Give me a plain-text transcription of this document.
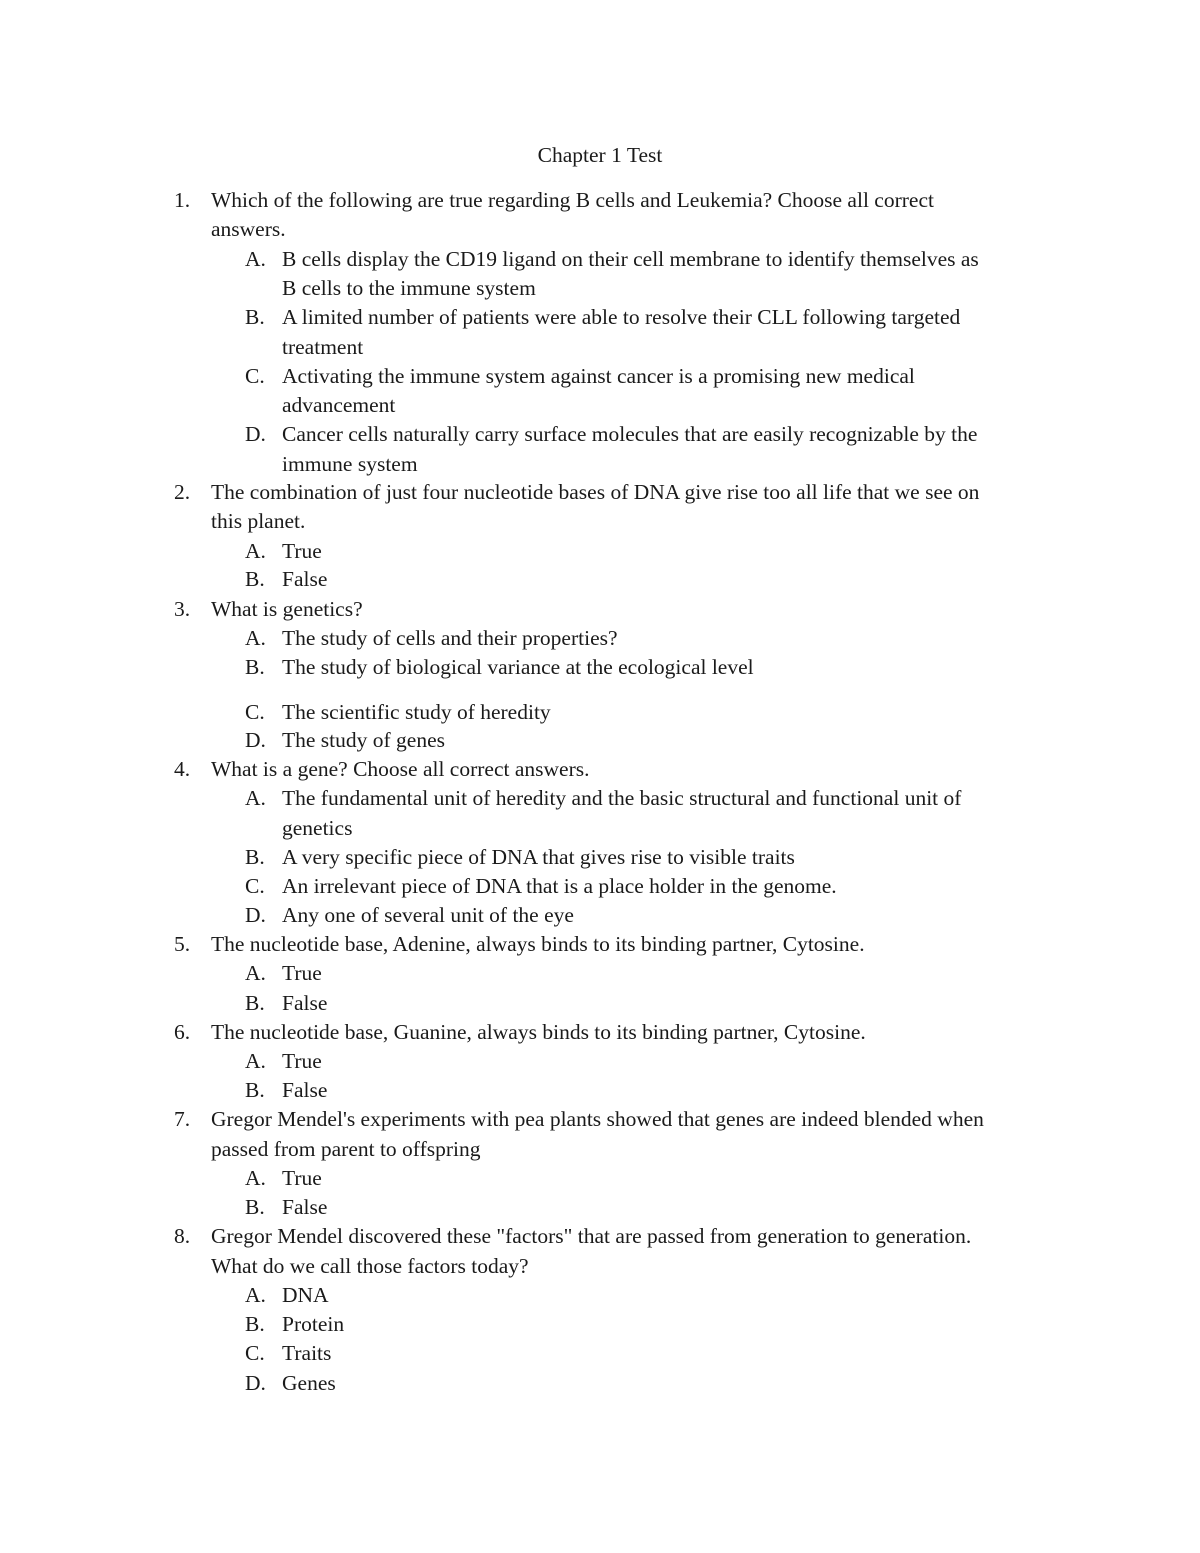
Chapter 1 Test
1. Which of the following are true regarding B cells and Leukemia? Choose all correct
answers.
A. B cells display the CD19 ligand on their cell membrane to identify themselves as
B cells to the immune system
B. A limited number of patients were able to resolve their CLL following targeted
treatment
C. Activating the immune system against cancer is a promising new medical
advancement
D. Cancer cells naturally carry surface molecules that are easily recognizable by the
immune system
2. The combination of just four nucleotide bases of DNA give rise too all life that we see on
this planet.
A. True
B. False
3. What is genetics?
A. The study of cells and their properties?
B. The study of biological variance at the ecological level
C. The scientific study of heredity
D. The study of genes
4. What is a gene? Choose all correct answers.
A. The fundamental unit of heredity and the basic structural and functional unit of
genetics
B. A very specific piece of DNA that gives rise to visible traits
C. An irrelevant piece of DNA that is a place holder in the genome.
D. Any one of several unit of the eye
5. The nucleotide base, Adenine, always binds to its binding partner, Cytosine.
A. True
B. False
6. The nucleotide base, Guanine, always binds to its binding partner, Cytosine.
A. True
B. False
7. Gregor Mendel's experiments with pea plants showed that genes are indeed blended when
passed from parent to offspring
A. True
B. False
8. Gregor Mendel discovered these "factors" that are passed from generation to generation.
What do we call those factors today?
A. DNA
B. Protein
C. Traits
D. Genes
